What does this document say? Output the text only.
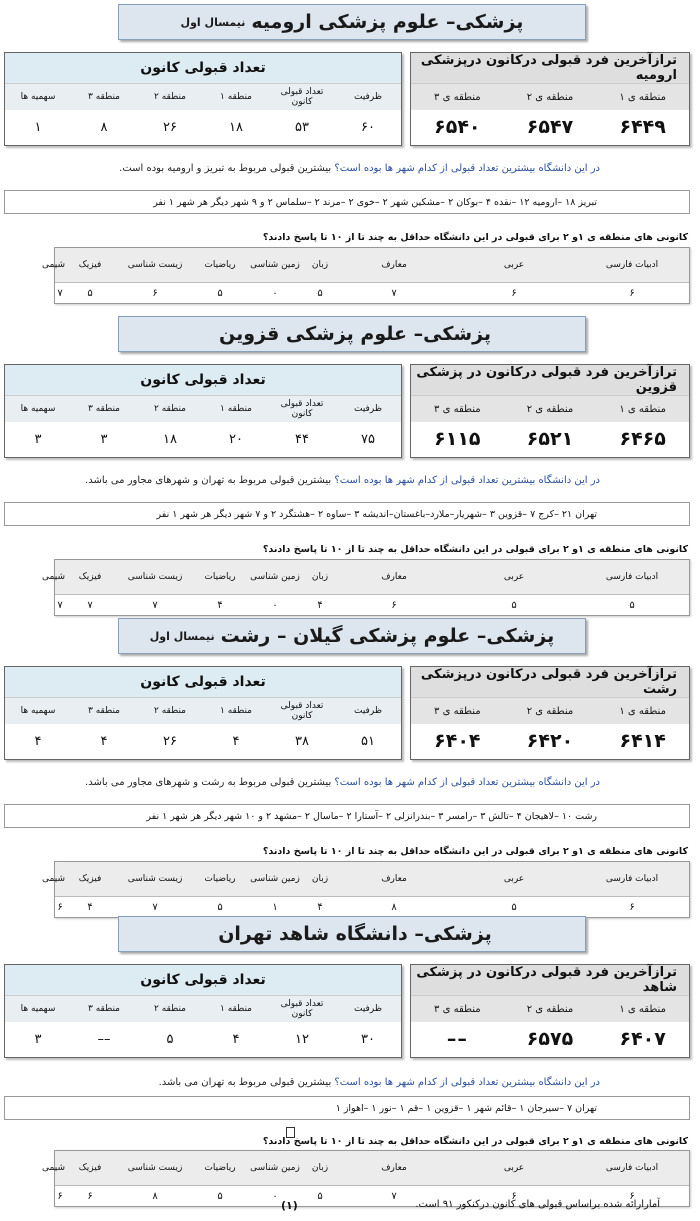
پزشکی– علوم پزشکی ارومیه
نیمسال اول
ترازآخرین فرد قبولی درکانون درپزشکی ارومیه
منطقه ی ۱
منطقه ی ۲
منطقه ی ۳
۶۴۴۹
۶۵۴۷
۶۵۴۰
تعداد قبولی کانون
ظرفیت
تعداد قبولی کانون
منطقه ۱
منطقه ۲
منطقه ۳
سهمیه ها
۶۰
۵۳
۱۸
۲۶
۸
۱
در این دانشگاه بیشترین تعداد قبولی از کدام شهر ها بوده است؟ بیشترین قبولی مربوط به تبریز و ارومیه بوده است.
تبریز ۱۸ –ارومیه ۱۲ –نقده ۴ –بوکان ۲ –مشکین شهر ۲ –خوی ۲ –مرند ۲ –سلماس ۲ و ۹ شهر دیگر هر شهر ۱ نفر
کانونی های منطقه ی ۱و ۲ برای قبولی در این دانشگاه حداقل به چند تا از ۱۰ تا پاسخ دادند؟
ادبیات فارسی
عربی
معارف
زبان
زمین شناسی
ریاضیات
زیست شناسی
فیزیک
شیمی
۶
۶
۷
۵
۰
۵
۶
۵
۷
پزشکی– علوم پزشکی قزوین
ترازآخرین فرد قبولی درکانون در پزشکی قزوین
منطقه ی ۱
منطقه ی ۲
منطقه ی ۳
۶۴۶۵
۶۵۲۱
۶۱۱۵
تعداد قبولی کانون
ظرفیت
تعداد قبولی کانون
منطقه ۱
منطقه ۲
منطقه ۳
سهمیه ها
۷۵
۴۴
۲۰
۱۸
۳
۳
در این دانشگاه بیشترین تعداد قبولی از کدام شهر ها بوده است؟ بیشترین قبولی مربوط به تهران و شهرهای مجاور می باشد.
تهران ۲۱ –کرج ۷ –قزوین ۳ –شهریار–ملارد–باغستان–اندیشه ۳ –ساوه ۲ –هشتگرد ۲ و ۷ شهر دیگر هر شهر ۱ نفر
کانونی های منطقه ی ۱و ۲ برای قبولی در این دانشگاه حداقل به چند تا از ۱۰ تا پاسخ دادند؟
ادبیات فارسی
عربی
معارف
زبان
زمین شناسی
ریاضیات
زیست شناسی
فیزیک
شیمی
۵
۵
۶
۴
۰
۴
۷
۷
۷
پزشکی– علوم پزشکی گیلان – رشت
نیمسال اول
ترازآخرین فرد قبولی درکانون درپزشکی رشت
منطقه ی ۱
منطقه ی ۲
منطقه ی ۳
۶۴۱۴
۶۴۲۰
۶۴۰۴
تعداد قبولی کانون
ظرفیت
تعداد قبولی کانون
منطقه ۱
منطقه ۲
منطقه ۳
سهمیه ها
۵۱
۳۸
۴
۲۶
۴
۴
در این دانشگاه بیشترین تعداد قبولی از کدام شهر ها بوده است؟ بیشترین قبولی مربوط به رشت و شهرهای مجاور می باشد.
رشت ۱۰ –لاهیجان ۴ –تالش ۳ –رامسر ۳ –بندرانزلی ۲ –آستارا ۲ –ماسال ۲ –مشهد ۲ و ۱۰ شهر دیگر هر شهر ۱ نفر
کانونی های منطقه ی ۱و ۲ برای قبولی در این دانشگاه حداقل به چند تا از ۱۰ تا پاسخ دادند؟
ادبیات فارسی
عربی
معارف
زبان
زمین شناسی
ریاضیات
زیست شناسی
فیزیک
شیمی
۶
۵
۸
۴
۱
۵
۷
۴
۶
پزشکی– دانشگاه شاهد تهران
ترازآخرین فرد قبولی درکانون در پزشکی شاهد
منطقه ی ۱
منطقه ی ۲
منطقه ی ۳
۶۴۰۷
۶۵۷۵
––
تعداد قبولی کانون
ظرفیت
تعداد قبولی کانون
منطقه ۱
منطقه ۲
منطقه ۳
سهمیه ها
۳۰
۱۲
۴
۵
––
۳
در این دانشگاه بیشترین تعداد قبولی از کدام شهر ها بوده است؟ بیشترین قبولی مربوط به تهران می باشد.
تهران ۷ –سیرجان ۱ –قائم شهر ۱ –قزوین ۱ –قم ۱ –نور ۱ –اهواز ۱
کانونی های منطقه ی ۱و ۲ برای قبولی در این دانشگاه حداقل به چند تا از ۱۰ تا پاسخ دادند؟
ادبیات فارسی
عربی
معارف
زبان
زمین شناسی
ریاضیات
زیست شناسی
فیزیک
شیمی
۶
۶
۷
۵
۰
۵
۸
۶
۶
آمارارائه شده براساس قبولی های کانون درکنکور ۹۱ است.
(۱)
